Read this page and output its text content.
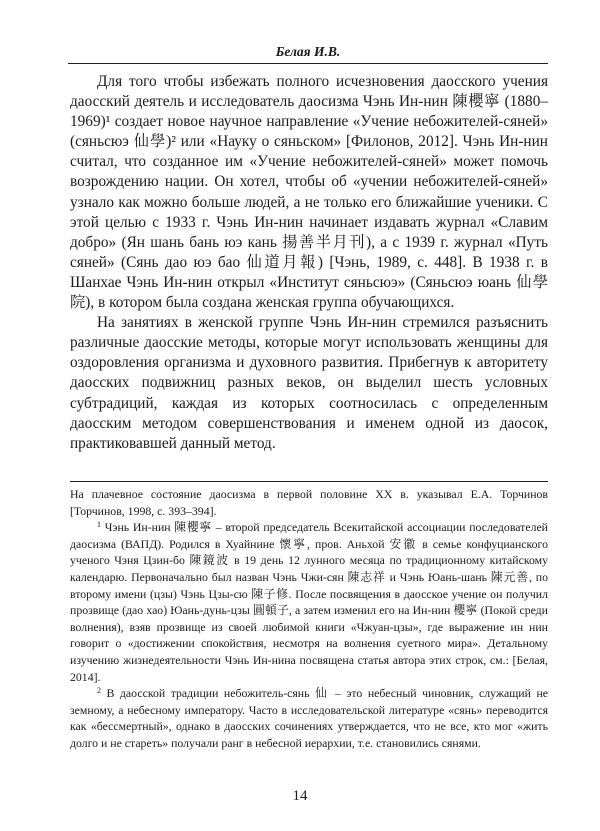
Белая И.В.

Для того чтобы избежать полного исчезновения даосского учения даосский деятель и исследователь даосизма Чэнь Ин-нин 陳櫻寧 (1880–1969)¹ создает новое научное направление «Учение небожителей-сяней» (сяньсюэ 仙學)² или «Науку о сяньском» [Филонов, 2012]. Чэнь Ин-нин считал, что созданное им «Учение небожителей-сяней» может помочь возрождению нации. Он хотел, чтобы об «учении небожителей-сяней» узнало как можно больше людей, а не только его ближайшие ученики. С этой целью с 1933 г. Чэнь Ин-нин начинает издавать журнал «Славим добро» (Ян шань бань юэ кань 揚善半月刊), а с 1939 г. журнал «Путь сяней» (Сянь дао юэ бао 仙道月報) [Чэнь, 1989, с. 448]. В 1938 г. в Шанхае Чэнь Ин-нин открыл «Институт сяньсюэ» (Сяньсюэ юань 仙學院), в котором была создана женская группа обучающихся.

На занятиях в женской группе Чэнь Ин-нин стремился разъяснить различные даосские методы, которые могут использовать женщины для оздоровления организма и духовного развития. Прибегнув к авторитету даосских подвижниц разных веков, он выделил шесть условных субтрадиций, каждая из которых соотносилась с определенным даосским методом совершенствования и именем одной из даосок, практиковавшей данный метод.

На плачевное состояние даосизма в первой половине XX в. указывал Е.А. Торчинов [Торчинов, 1998, с. 393–394].

$^1$ Чэнь Ин-нин 陳櫻寧 – второй председатель Всекитайской ассоциации последователей даосизма (ВАПД). Родился в Хуайнине 懷寧, пров. Аньхой 安徽 в семье конфуцианского ученого Чэня Цзин-бо 陳鏡波 в 19 день 12 лунного месяца по традиционному китайскому календарю. Первоначально был назван Чэнь Чжи-сян 陳志祥 и Чэнь Юань-шань 陳元善, по второму имени (цзы) Чэнь Цзы-сю 陳子修. После посвящения в даосское учение он получил прозвище (дао хао) Юань-дунь-цзы 圓頓子, а затем изменил его на Ин-нин 櫻寧 (Покой среди волнения), взяв прозвище из своей любимой книги «Чжуан-цзы», где выражение ин нин говорит о «достижении спокойствия, несмотря на волнения суетного мира». Детальному изучению жизнедеятельности Чэнь Ин-нина посвящена статья автора этих строк, см.: [Белая, 2014].

$^2$ В даосской традиции небожитель-сянь 仙 – это небесный чиновник, служащий не земному, а небесному императору. Часто в исследовательской литературе «сянь» переводится как «бессмертный», однако в даосских сочинениях утверждается, что не все, кто мог «жить долго и не стареть» получали ранг в небесной иерархии, т.е. становились сянями.

14
